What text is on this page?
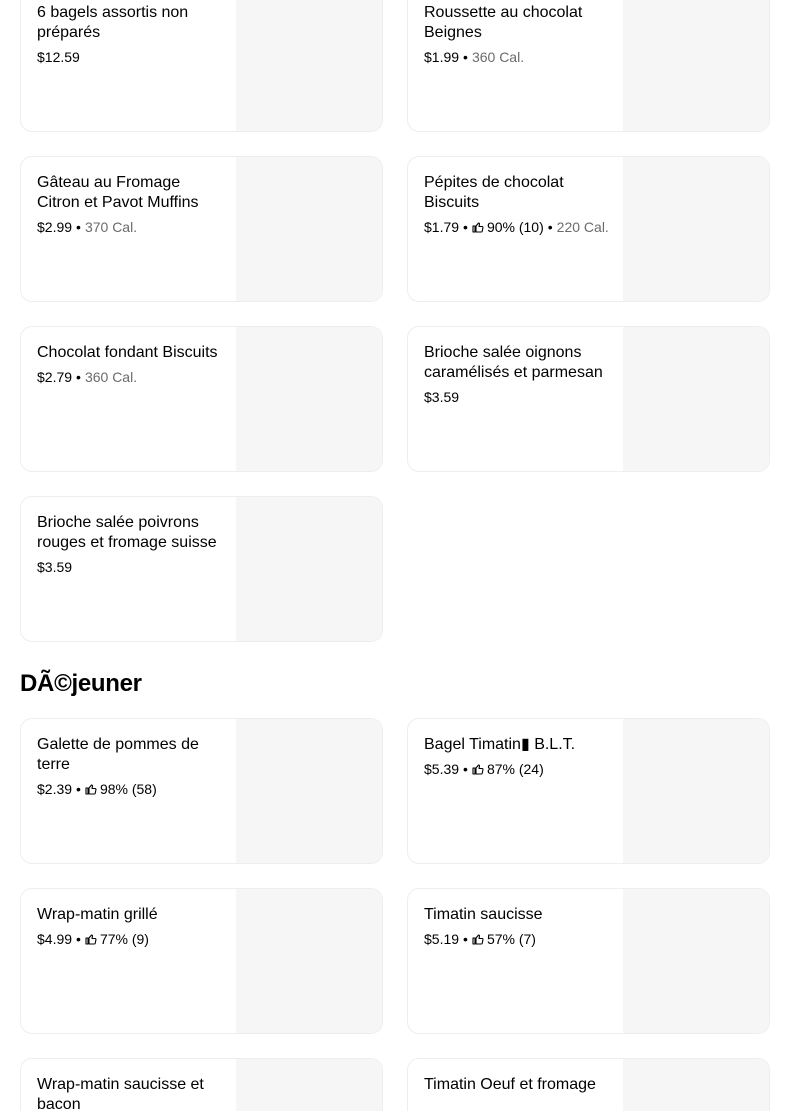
6 bagels assortis non préparés
$12.59
Roussette au chocolat Beignes
$1.99 • 360 Cal.
Gâteau au Fromage Citron et Pavot Muffins
$2.99 • 370 Cal.
Pépites de chocolat Biscuits
$1.79 • 90% (10) • 220 Cal.
Chocolat fondant Biscuits
$2.79 • 360 Cal.
Brioche salée oignons caramélisés et parmesan
$3.59
Brioche salée poivrons rouges et fromage suisse
$3.59
DÃ©jeuner
Galette de pommes de terre
$2.39 • 98% (58)
Bagel Timatin▮ B.L.T.
$5.39 • 87% (24)
Wrap-matin grillé
$4.99 • 77% (9)
Timatin saucisse
$5.19 • 57% (7)
Wrap-matin saucisse et bacon
Timatin Oeuf et fromage
